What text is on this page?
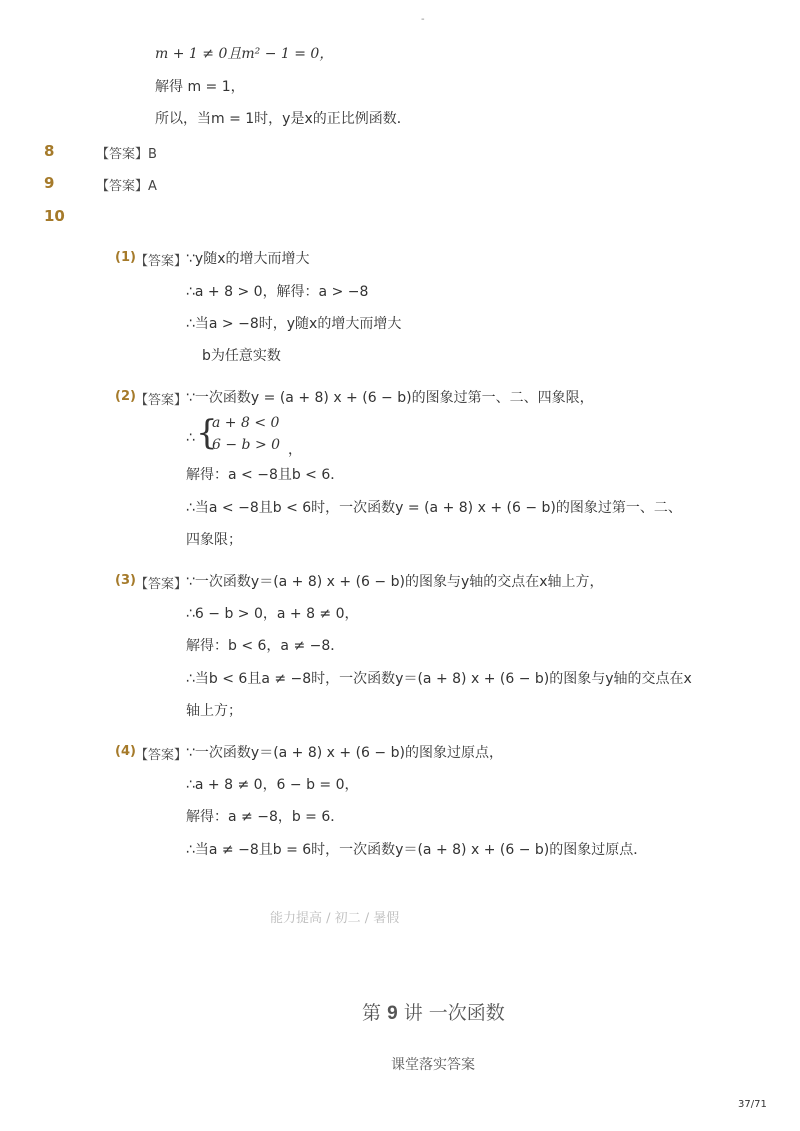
-
m + 1 ≠ 0且m² − 1 = 0，
解得 m = 1，
所以，当m = 1时，y是x的正比例函数．
8	【答案】B
9	【答案】A
10
(1) 【答案】
∵y随x的增大而增大
∴a + 8 > 0，解得：a > −8
∴当a > −8时，y随x的增大而增大
b为任意实数
(2) 【答案】
∵一次函数y = (a + 8) x + (6 − b)的图象过第一、二、四象限，
∴ {
a + 8 < 0
6 − b > 0 ，
解得：a < −8且b < 6．
∴当a < −8且b < 6时，一次函数y = (a + 8) x + (6 − b)的图象过第一、二、
四象限；
(3) 【答案】
∵一次函数y＝(a + 8) x + (6 − b)的图象与y轴的交点在x轴上方，
∴6 − b > 0，a + 8 ≠ 0，
解得：b < 6，a ≠ −8．
∴当b < 6且a ≠ −8时，一次函数y＝(a + 8) x + (6 − b)的图象与y轴的交点在x
轴上方；
(4) 【答案】
∵一次函数y＝(a + 8) x + (6 − b)的图象过原点，
∴a + 8 ≠ 0，6 − b = 0，
解得：a ≠ −8，b = 6．
∴当a ≠ −8且b = 6时，一次函数y＝(a + 8) x + (6 − b)的图象过原点．
能力提高 / 初二 / 暑假
第 9 讲 一次函数
课堂落实答案
37/71
